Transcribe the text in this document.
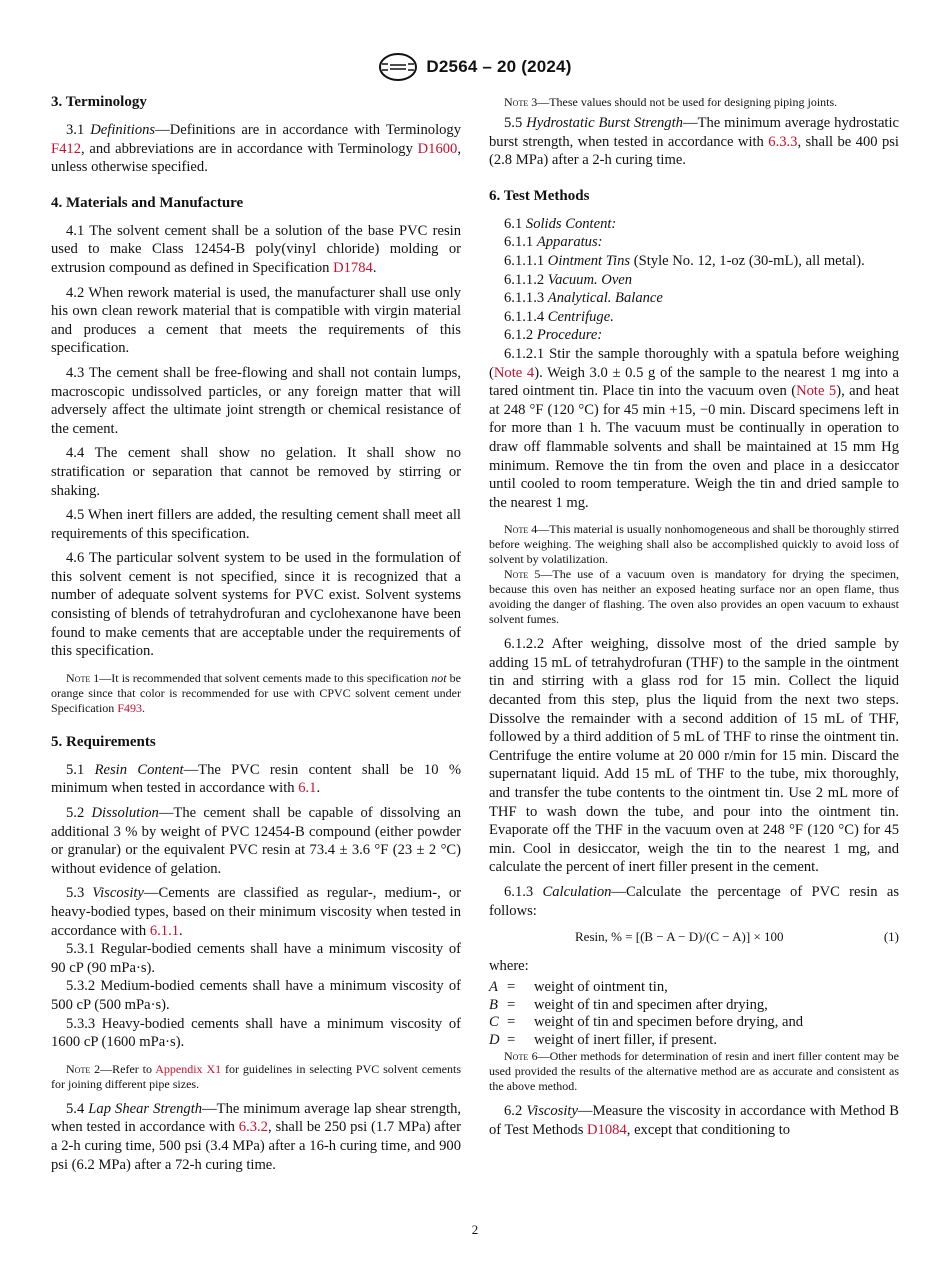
D2564 – 20 (2024)
3. Terminology

3.1 Definitions—Definitions are in accordance with Terminology F412, and abbreviations are in accordance with Terminology D1600, unless otherwise specified.

4. Materials and Manufacture

4.1 The solvent cement shall be a solution of the base PVC resin used to make Class 12454-B poly(vinyl chloride) molding or extrusion compound as defined in Specification D1784.

4.2 When rework material is used, the manufacturer shall use only his own clean rework material that is compatible with virgin material and produces a cement that meets the requirements of this specification.

4.3 The cement shall be free-flowing and shall not contain lumps, macroscopic undissolved particles, or any foreign matter that will adversely affect the ultimate joint strength or chemical resistance of the cement.

4.4 The cement shall show no gelation. It shall show no stratification or separation that cannot be removed by stirring or shaking.

4.5 When inert fillers are added, the resulting cement shall meet all requirements of this specification.

4.6 The particular solvent system to be used in the formulation of this solvent cement is not specified, since it is recognized that a number of adequate solvent systems for PVC exist. Solvent systems consisting of blends of tetrahydrofuran and cyclohexanone have been found to make cements that are acceptable under the requirements of this specification.

Note 1—It is recommended that solvent cements made to this specification not be orange since that color is recommended for use with CPVC solvent cement under Specification F493.

5. Requirements

5.1 Resin Content—The PVC resin content shall be 10 % minimum when tested in accordance with 6.1.

5.2 Dissolution—The cement shall be capable of dissolving an additional 3 % by weight of PVC 12454-B compound (either powder or granular) or the equivalent PVC resin at 73.4 ± 3.6 °F (23 ± 2 °C) without evidence of gelation.

5.3 Viscosity—Cements are classified as regular-, medium-, or heavy-bodied types, based on their minimum viscosity when tested in accordance with 6.1.1.

5.3.1 Regular-bodied cements shall have a minimum viscosity of 90 cP (90 mPa·s).

5.3.2 Medium-bodied cements shall have a minimum viscosity of 500 cP (500 mPa·s).

5.3.3 Heavy-bodied cements shall have a minimum viscosity of 1600 cP (1600 mPa·s).

Note 2—Refer to Appendix X1 for guidelines in selecting PVC solvent cements for joining different pipe sizes.

5.4 Lap Shear Strength—The minimum average lap shear strength, when tested in accordance with 6.3.2, shall be 250 psi (1.7 MPa) after a 2-h curing time, 500 psi (3.4 MPa) after a 16-h curing time, and 900 psi (6.2 MPa) after a 72-h curing time.

Note 3—These values should not be used for designing piping joints.

5.5 Hydrostatic Burst Strength—The minimum average hydrostatic burst strength, when tested in accordance with 6.3.3, shall be 400 psi (2.8 MPa) after a 2-h curing time.

6. Test Methods

6.1 Solids Content:

6.1.1 Apparatus:

6.1.1.1 Ointment Tins (Style No. 12, 1-oz (30-mL), all metal).

6.1.1.2 Vacuum. Oven

6.1.1.3 Analytical. Balance

6.1.1.4 Centrifuge.

6.1.2 Procedure:

6.1.2.1 Stir the sample thoroughly with a spatula before weighing (Note 4). Weigh 3.0 ± 0.5 g of the sample to the nearest 1 mg into a tared ointment tin. Place tin into the vacuum oven (Note 5), and heat at 248 °F (120 °C) for 45 min +15, −0 min. Discard specimens left in for more than 1 h. The vacuum must be continually in operation to draw off flammable solvents and shall be maintained at 15 mm Hg minimum. Remove the tin from the oven and place in a desiccator until cooled to room temperature. Weigh the tin and dried sample to the nearest 1 mg.

Note 4—This material is usually nonhomogeneous and shall be thoroughly stirred before weighing. The weighing shall also be accomplished quickly to avoid loss of solvent by volatilization.

Note 5—The use of a vacuum oven is mandatory for drying the specimen, because this oven has neither an exposed heating surface nor an open flame, thus avoiding the danger of flashing. The oven also provides an open vacuum to exhaust solvent fumes.

6.1.2.2 After weighing, dissolve most of the dried sample by adding 15 mL of tetrahydrofuran (THF) to the sample in the ointment tin and stirring with a glass rod for 15 min. Collect the liquid decanted from this step, plus the liquid from the next two steps. Dissolve the remainder with a second addition of 15 mL of THF, followed by a third addition of 5 mL of THF to rinse the ointment tin. Centrifuge the entire volume at 20 000 r/min for 15 min. Discard the supernatant liquid. Add 15 mL of THF to the tube, mix thoroughly, and transfer the tube contents to the ointment tin. Use 2 mL more of THF to wash down the tube, and pour into the ointment tin. Evaporate off the THF in the vacuum oven at 248 °F (120 °C) for 45 min. Cool in desiccator, weigh the tin to the nearest 1 mg, and calculate the percent of inert filler present in the cement.

6.1.3 Calculation—Calculate the percentage of PVC resin as follows:

Resin, % = [(B − A − D)/(C − A)] × 100	(1)

where:

A =	weight of ointment tin,
B =	weight of tin and specimen after drying,
C =	weight of tin and specimen before drying, and
D =	weight of inert filler, if present.

Note 6—Other methods for determination of resin and inert filler content may be used provided the results of the alternative method are as accurate and consistent as the above method.

6.2 Viscosity—Measure the viscosity in accordance with Method B of Test Methods D1084, except that conditioning to

2
